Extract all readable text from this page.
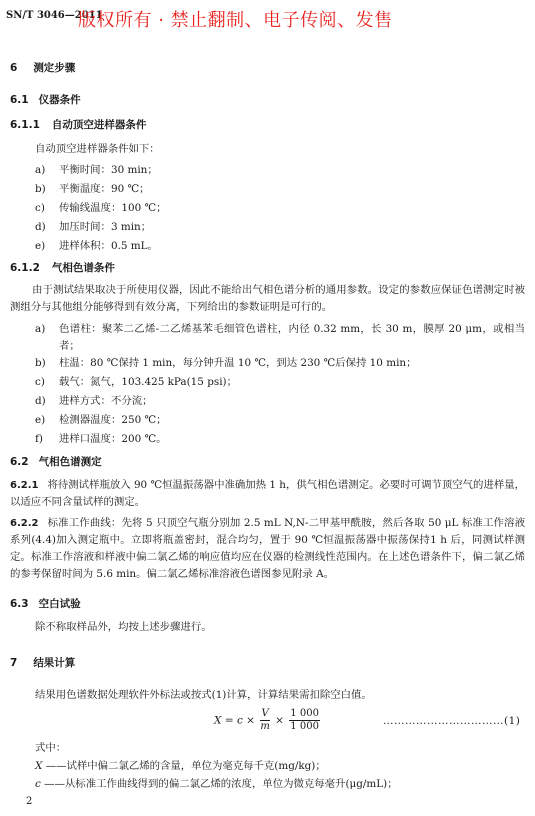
SN/T 3046—2011
版权所有 · 禁止翻制、电子传阅、发售
6 测定步骤
6.1 仪器条件
6.1.1 自动顶空进样器条件
自动顶空进样器条件如下：
a) 平衡时间：30 min；
b) 平衡温度：90 ℃；
c) 传输线温度：100 ℃；
d) 加压时间：3 min；
e) 进样体积：0.5 mL。
6.1.2 气相色谱条件
由于测试结果取决于所使用仪器，因此不能给出气相色谱分析的通用参数。设定的参数应保证色谱测定时被测组分与其他组分能够得到有效分离，下列给出的参数证明是可行的。
a)	色谱柱：聚苯二乙烯-二乙烯基苯毛细管色谱柱，内径 0.32 mm，长 30 m，膜厚 20 μm，或相当者；
b)	柱温：80 ℃保持 1 min，每分钟升温 10 ℃，到达 230 ℃后保持 10 min；
c)	载气：氮气，103.425 kPa(15 psi)；
d)	进样方式：不分流；
e)	检测器温度：250 ℃；
f)	进样口温度：200 ℃。
6.2 气相色谱测定
6.2.1 将待测试样瓶放入 90 ℃恒温振荡器中准确加热 1 h，供气相色谱测定。必要时可调节顶空气的进样量，以适应不同含量试样的测定。
6.2.2 标准工作曲线：先将 5 只顶空气瓶分别加 2.5 mL N,N-二甲基甲酰胺，然后各取 50 μL 标准工作溶液系列(4.4)加入测定瓶中。立即将瓶盖密封，混合均匀，置于 90 ℃恒温振荡器中振荡保持1 h 后，同测试样测定。标准工作溶液和样液中偏二氯乙烯的响应值均应在仪器的检测线性范围内。在上述色谱条件下，偏二氯乙烯的参考保留时间为 5.6 min。偏二氯乙烯标准溶液色谱图参见附录 A。
6.3 空白试验
除不称取样品外，均按上述步骤进行。
7 结果计算
结果用色谱数据处理软件外标法或按式(1)计算，计算结果需扣除空白值。
$X = c \times \frac{V}{m} \times \frac{1 000}{1 000}$	……………………………(1)
式中：
X ——试样中偏二氯乙烯的含量，单位为毫克每千克(mg/kg)；
c ——从标准工作曲线得到的偏二氯乙烯的浓度，单位为微克每毫升(μg/mL)；
2
